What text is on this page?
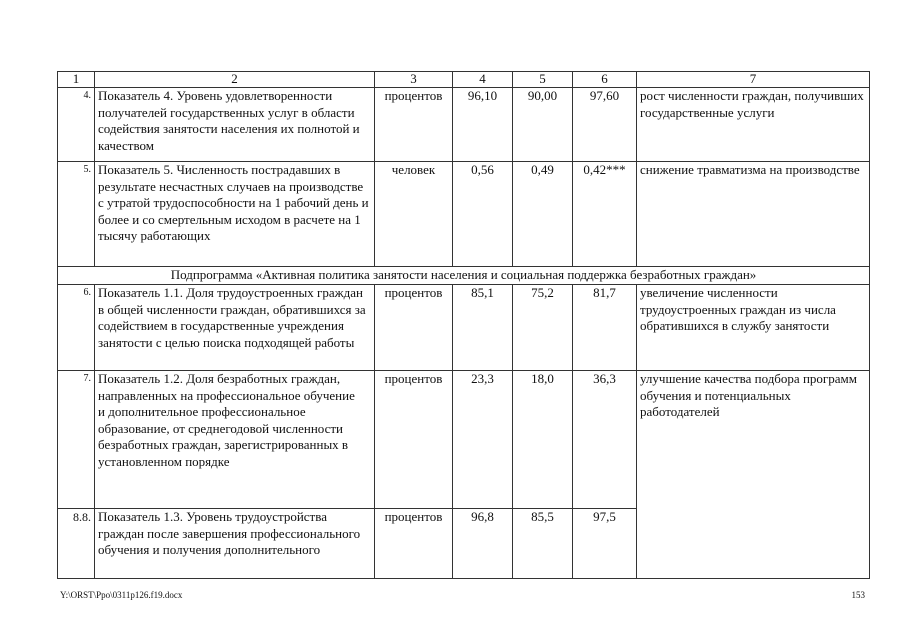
1	2	3	4	5	6	7
4.	Показатель 4. Уровень удовлетворенности получателей государственных услуг в области содействия занятости населения их полнотой и качеством	процентов	96,10	90,00	97,60	рост численности граждан, получивших государственные услуги
5.	Показатель 5. Численность пострадавших в результате несчастных случаев на производстве с утратой трудоспособности на 1 рабочий день и более и со смертельным исходом в расчете на 1 тысячу работающих	человек	0,56	0,49	0,42***	снижение травматизма на производстве
Подпрограмма «Активная политика занятости населения и социальная поддержка безработных граждан»						
6.	Показатель 1.1. Доля трудоустроенных граждан в общей численности граждан, обратившихся за содействием в государственные учреждения занятости с целью поиска подходящей работы	процентов	85,1	75,2	81,7	увеличение численности трудоустроенных граждан из числа обратившихся в службу занятости
7.	Показатель 1.2. Доля безработных граждан, направленных на профессиональное обучение
и дополнительное профессиональное образование, от среднегодовой численности безработных граждан, зарегистрированных в установленном порядке	процентов	23,3	18,0	36,3	улучшение качества подбора программ обучения и потенциальных работодателей
8.8.	Показатель 1.3. Уровень трудоустройства граждан после завершения профессионального обучения и получения дополнительного	процентов	96,8	85,5	97,5	
Y:\ORST\Ppo\0311p126.f19.docx	153
